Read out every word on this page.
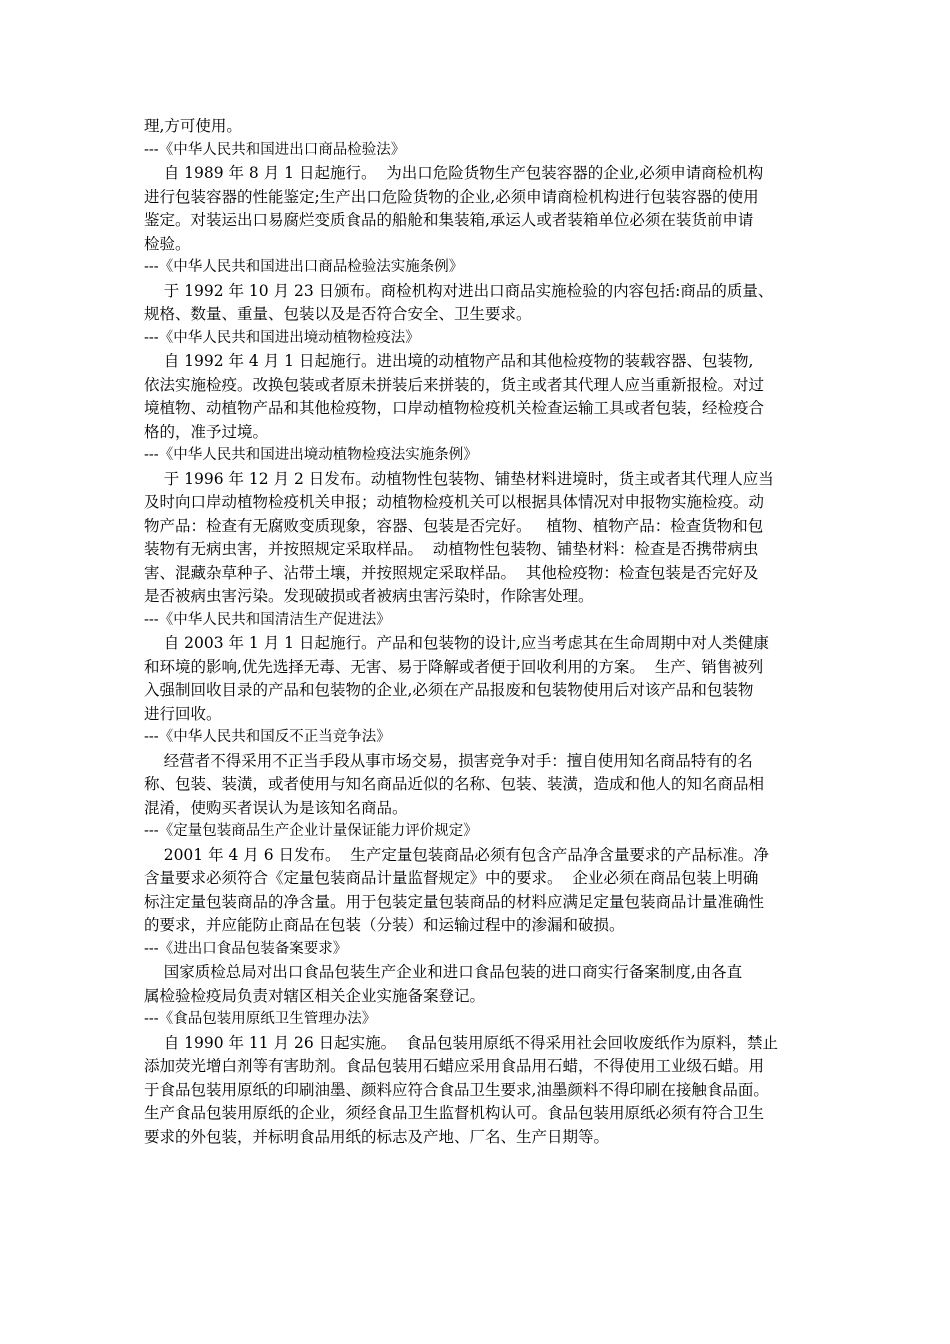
理,方可使用。

---《中华人民共和国进出口商品检验法》

自 1989 年 8 月 1 日起施行。  为出口危险货物生产包装容器的企业,必须申请商检机构

进行包装容器的性能鉴定;生产出口危险货物的企业,必须申请商检机构进行包装容器的使用

鉴定。对装运出口易腐烂变质食品的船舱和集装箱,承运人或者装箱单位必须在装货前申请

检验。

---《中华人民共和国进出口商品检验法实施条例》

于 1992 年 10 月 23 日颁布。商检机构对进出口商品实施检验的内容包括:商品的质量、

规格、数量、重量、包装以及是否符合安全、卫生要求。

---《中华人民共和国进出境动植物检疫法》

自 1992 年 4 月 1 日起施行。进出境的动植物产品和其他检疫物的装载容器、包装物,

依法实施检疫。改换包装或者原未拼装后来拼装的，货主或者其代理人应当重新报检。对过

境植物、动植物产品和其他检疫物，口岸动植物检疫机关检查运输工具或者包装，经检疫合

格的，准予过境。

---《中华人民共和国进出境动植物检疫法实施条例》

于 1996 年 12 月 2 日发布。动植物性包装物、铺垫材料进境时，货主或者其代理人应当

及时向口岸动植物检疫机关申报；动植物检疫机关可以根据具体情况对申报物实施检疫。动

物产品：检查有无腐败变质现象，容器、包装是否完好。   植物、植物产品：检查货物和包

装物有无病虫害，并按照规定采取样品。  动植物性包装物、铺垫材料：检查是否携带病虫

害、混藏杂草种子、沾带土壤，并按照规定采取样品。  其他检疫物：检查包装是否完好及

是否被病虫害污染。发现破损或者被病虫害污染时，作除害处理。

---《中华人民共和国清洁生产促进法》

自 2003 年 1 月 1 日起施行。产品和包装物的设计,应当考虑其在生命周期中对人类健康

和环境的影响,优先选择无毒、无害、易于降解或者便于回收利用的方案。  生产、销售被列

入强制回收目录的产品和包装物的企业,必须在产品报废和包装物使用后对该产品和包装物

进行回收。

---《中华人民共和国反不正当竞争法》

经营者不得采用不正当手段从事市场交易，损害竞争对手：擅自使用知名商品特有的名

称、包装、装潢，或者使用与知名商品近似的名称、包装、装潢，造成和他人的知名商品相

混淆，使购买者误认为是该知名商品。

---《定量包装商品生产企业计量保证能力评价规定》

2001 年 4 月 6 日发布。  生产定量包装商品必须有包含产品净含量要求的产品标准。净

含量要求必须符合《定量包装商品计量监督规定》中的要求。  企业必须在商品包装上明确

标注定量包装商品的净含量。用于包装定量包装商品的材料应满足定量包装商品计量准确性

的要求，并应能防止商品在包装（分装）和运输过程中的渗漏和破损。

---《进出口食品包装备案要求》

国家质检总局对出口食品包装生产企业和进口食品包装的进口商实行备案制度,由各直

属检验检疫局负责对辖区相关企业实施备案登记。

---《食品包装用原纸卫生管理办法》

自 1990 年 11 月 26 日起实施。  食品包装用原纸不得采用社会回收废纸作为原料，禁止

添加荧光增白剂等有害助剂。食品包装用石蜡应采用食品用石蜡，不得使用工业级石蜡。用

于食品包装用原纸的印刷油墨、颜料应符合食品卫生要求,油墨颜料不得印刷在接触食品面。

生产食品包装用原纸的企业，须经食品卫生监督机构认可。食品包装用原纸必须有符合卫生

要求的外包装，并标明食品用纸的标志及产地、厂名、生产日期等。
